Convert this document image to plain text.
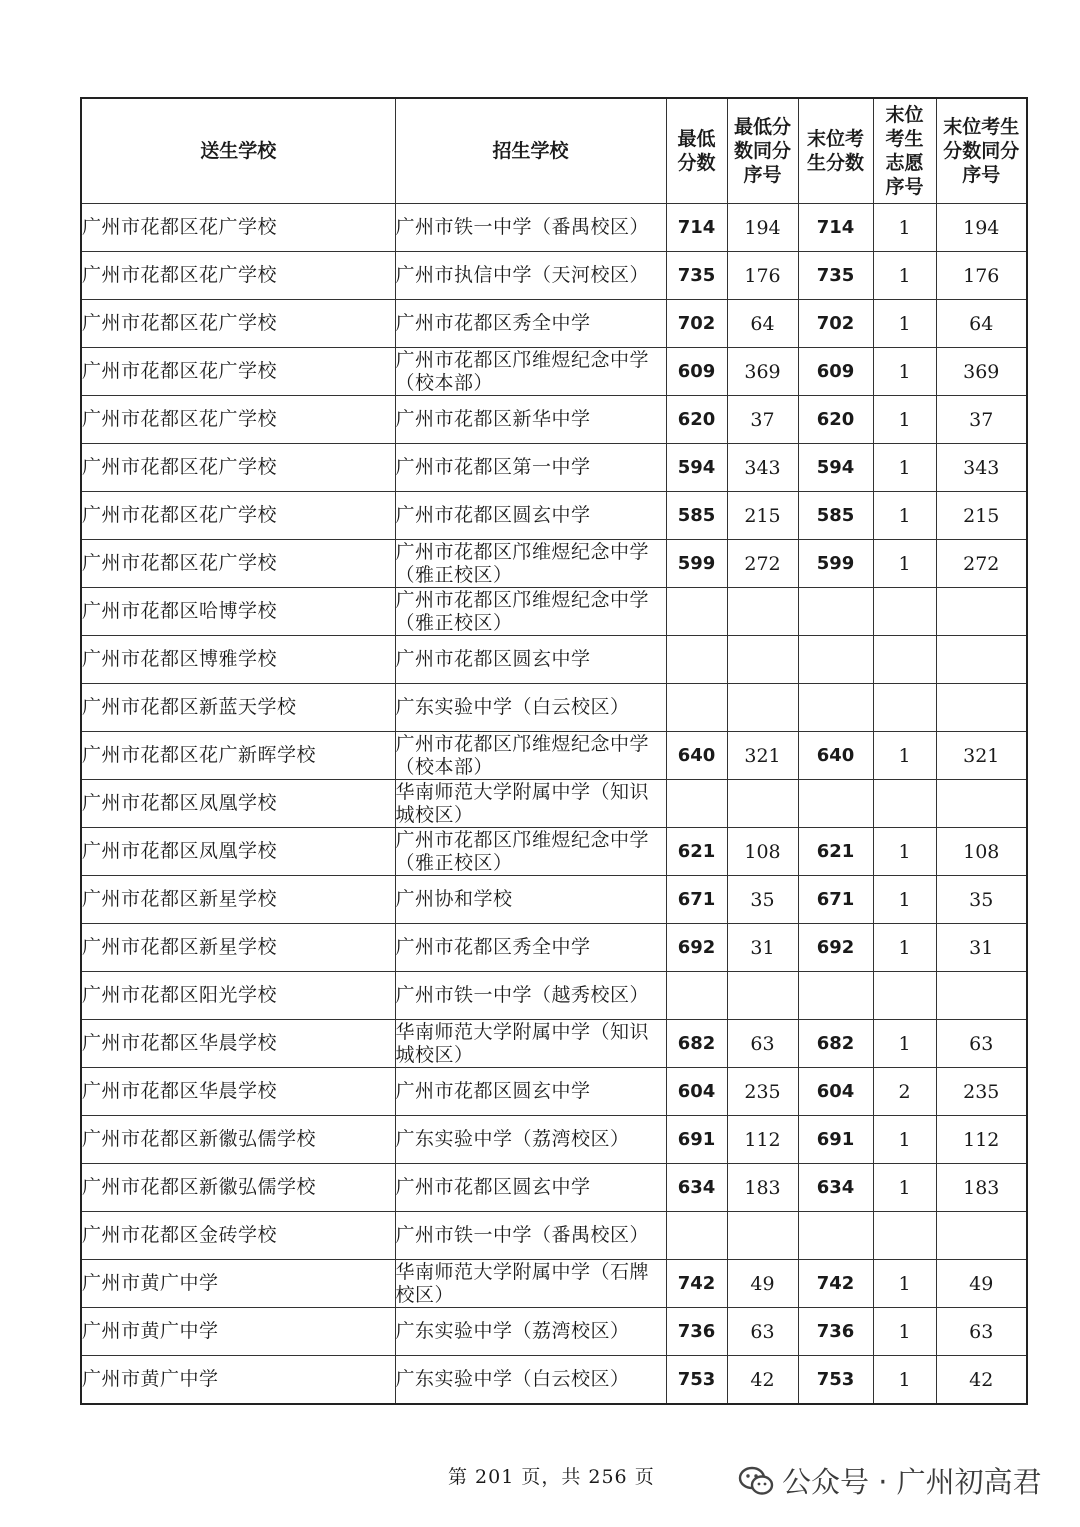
送生学校	招生学校	最低分数	最低分数同分序号	末位考生分数	末位考生志愿序号	末位考生分数同分序号

广州市花都区花广学校	广州市铁一中学（番禺校区）	714	194	714	1	194

广州市花都区花广学校	广州市执信中学（天河校区）	735	176	735	1	176

广州市花都区花广学校	广州市花都区秀全中学	702	64	702	1	64

广州市花都区花广学校	广州市花都区邝维煜纪念中学（校本部）	609	369	609	1	369

广州市花都区花广学校	广州市花都区新华中学	620	37	620	1	37

广州市花都区花广学校	广州市花都区第一中学	594	343	594	1	343

广州市花都区花广学校	广州市花都区圆玄中学	585	215	585	1	215

广州市花都区花广学校	广州市花都区邝维煜纪念中学（雅正校区）	599	272	599	1	272

广州市花都区哈博学校	广州市花都区邝维煜纪念中学（雅正校区）					

广州市花都区博雅学校	广州市花都区圆玄中学					

广州市花都区新蓝天学校	广东实验中学（白云校区）					

广州市花都区花广新晖学校	广州市花都区邝维煜纪念中学（校本部）	640	321	640	1	321

广州市花都区凤凰学校	华南师范大学附属中学（知识城校区）					

广州市花都区凤凰学校	广州市花都区邝维煜纪念中学（雅正校区）	621	108	621	1	108

广州市花都区新星学校	广州协和学校	671	35	671	1	35

广州市花都区新星学校	广州市花都区秀全中学	692	31	692	1	31

广州市花都区阳光学校	广州市铁一中学（越秀校区）					

广州市花都区华晨学校	华南师范大学附属中学（知识城校区）	682	63	682	1	63

广州市花都区华晨学校	广州市花都区圆玄中学	604	235	604	2	235

广州市花都区新徽弘儒学校	广东实验中学（荔湾校区）	691	112	691	1	112

广州市花都区新徽弘儒学校	广州市花都区圆玄中学	634	183	634	1	183

广州市花都区金砖学校	广州市铁一中学（番禺校区）					

广州市黄广中学	华南师范大学附属中学（石牌校区）	742	49	742	1	49

广州市黄广中学	广东实验中学（荔湾校区）	736	63	736	1	63

广州市黄广中学	广东实验中学（白云校区）	753	42	753	1	42
第 201 页，共 256 页	公众号 · 广州初高君
